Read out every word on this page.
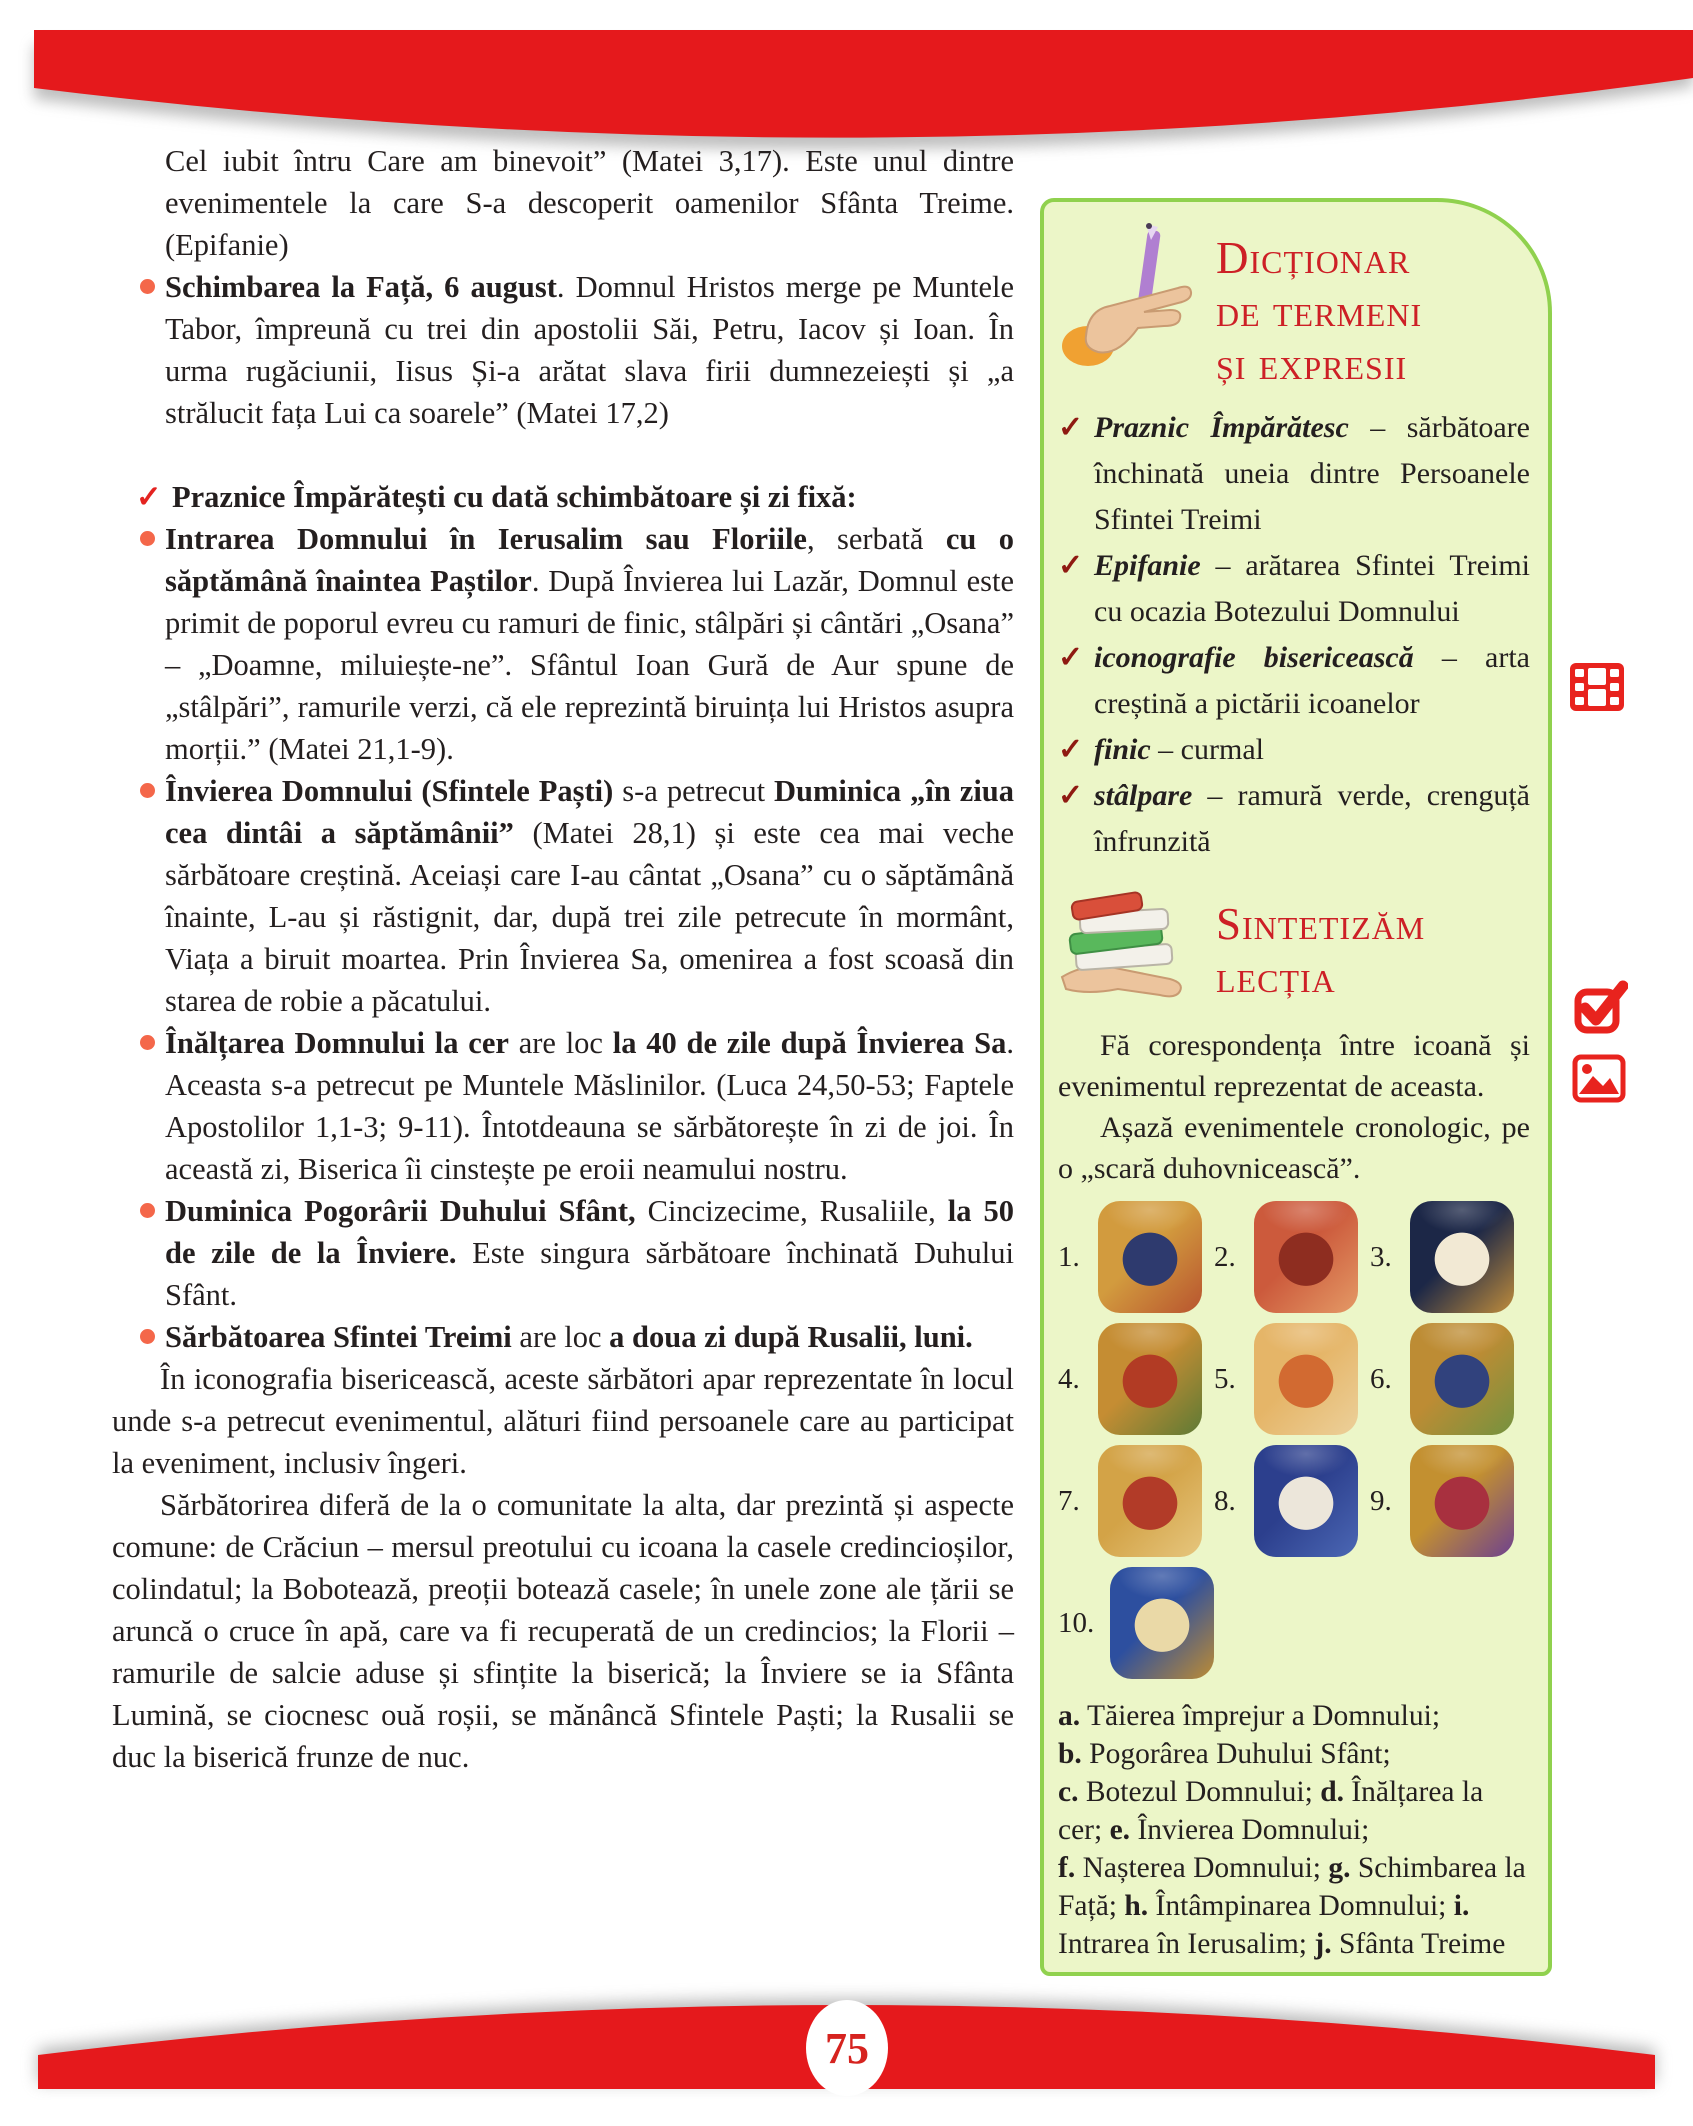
Cel iubit întru Care am binevoit” (Matei 3,17). Este unul dintre evenimentele la care S-a descoperit oamenilor Sfânta Treime. (Epifanie)

Schimbarea la Față, 6 august. Domnul Hristos merge pe Muntele Tabor, împreună cu trei din apostolii Săi, Petru, Iacov și Ioan. În urma rugăciunii, Iisus Și-a arătat slava firii dumnezeiești și „a strălucit fața Lui ca soarele” (Matei 17,2)

✓ Praznice Împărătești cu dată schimbătoare și zi fixă:

Intrarea Domnului în Ierusalim sau Floriile, serbată cu o săptămână înaintea Paștilor. După Învierea lui Lazăr, Domnul este primit de poporul evreu cu ramuri de finic, stâlpări și cântări „Osana” – „Doamne, miluiește-ne”. Sfântul Ioan Gură de Aur spune de „stâlpări”, ramurile verzi, că ele reprezintă biruința lui Hristos asupra morții.” (Matei 21,1-9).

Învierea Domnului (Sfintele Paști) s-a petrecut Duminica „în ziua cea dintâi a săptămânii” (Matei 28,1) și este cea mai veche sărbătoare creștină. Aceiași care I-au cântat „Osana” cu o săptămână înainte, L-au și răstignit, dar, după trei zile petrecute în mormânt, Viața a biruit moartea. Prin Învierea Sa, omenirea a fost scoasă din starea de robie a păcatului.

Înălțarea Domnului la cer are loc la 40 de zile după Învierea Sa. Aceasta s-a petrecut pe Muntele Măslinilor. (Luca 24,50-53; Faptele Apostolilor 1,1-3; 9-11). Întotdeauna se sărbătorește în zi de joi. În această zi, Biserica îi cinstește pe eroii neamului nostru.

Duminica Pogorârii Duhului Sfânt, Cincizecime, Rusaliile, la 50 de zile de la Înviere. Este singura sărbătoare închinată Duhului Sfânt.

Sărbătoarea Sfintei Treimi are loc a doua zi după Rusalii, luni.

În iconografia bisericească, aceste sărbători apar reprezentate în locul unde s-a petrecut evenimentul, alături fiind persoanele care au participat la eveniment, inclusiv îngeri.

Sărbătorirea diferă de la o comunitate la alta, dar prezintă și aspecte comune: de Crăciun – mersul preotului cu icoana la casele credincioșilor, colindatul; la Bobotează, preoții botează casele; în unele zone ale țării se aruncă o cruce în apă, care va fi recuperată de un credincios; la Florii – ramurile de salcie aduse și sfințite la biserică; la Înviere se ia Sfânta Lumină, se ciocnesc ouă roșii, se mănâncă Sfintele Paști; la Rusalii se duc la biserică frunze de nuc.

Dicționar
de termeni
și expresii
✓ Praznic Împărătesc – sărbătoare închinată uneia dintre Persoanele Sfintei Treimi
✓ Epifanie – arătarea Sfintei Treimi cu ocazia Botezului Domnului
✓ iconografie bisericească – arta creștină a pictării icoanelor
✓ finic – curmal
✓ stâlpare – ramură verde, crenguță înfrunzită
Sintetizăm
lecția

Fă corespondența între icoană și evenimentul reprezentat de aceasta.

Așază evenimentele cronologic, pe o „scară duhovnicească”.

1.	2.	3.
4.	5.	6.
7.	8.	9.
10.
a. Tăierea împrejur a Domnului;
b. Pogorârea Duhului Sfânt;
c. Botezul Domnului; d. Înălțarea la cer; e. Învierea Domnului;
f. Nașterea Domnului; g. Schimbarea la Față; h. Întâmpinarea Domnului; i. Intrarea în Ierusalim; j. Sfânta Treime
75
